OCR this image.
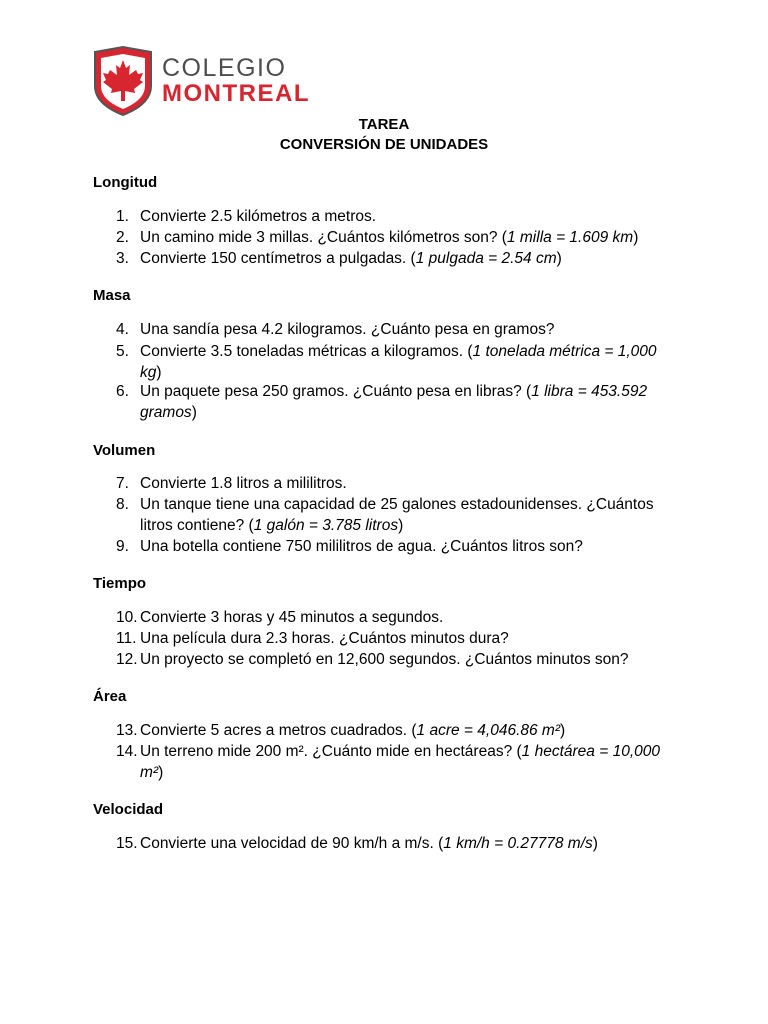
COLEGIO
MONTREAL
TAREA
CONVERSIÓN DE UNIDADES
Longitud
1. Convierte 2.5 kilómetros a metros.
2. Un camino mide 3 millas. ¿Cuántos kilómetros son? (1 milla = 1.609 km)
3. Convierte 150 centímetros a pulgadas. (1 pulgada = 2.54 cm)
Masa
4. Una sandía pesa 4.2 kilogramos. ¿Cuánto pesa en gramos?
5. Convierte 3.5 toneladas métricas a kilogramos. (1 tonelada métrica = 1,000 kg)
6. Un paquete pesa 250 gramos. ¿Cuánto pesa en libras? (1 libra = 453.592 gramos)
Volumen
7. Convierte 1.8 litros a mililitros.
8. Un tanque tiene una capacidad de 25 galones estadounidenses. ¿Cuántos litros contiene? (1 galón = 3.785 litros)
9. Una botella contiene 750 mililitros de agua. ¿Cuántos litros son?
Tiempo
10. Convierte 3 horas y 45 minutos a segundos.
11. Una película dura 2.3 horas. ¿Cuántos minutos dura?
12. Un proyecto se completó en 12,600 segundos. ¿Cuántos minutos son?
Área
13. Convierte 5 acres a metros cuadrados. (1 acre = 4,046.86 m²)
14. Un terreno mide 200 m². ¿Cuánto mide en hectáreas? (1 hectárea = 10,000 m²)
Velocidad
15. Convierte una velocidad de 90 km/h a m/s. (1 km/h = 0.27778 m/s)
